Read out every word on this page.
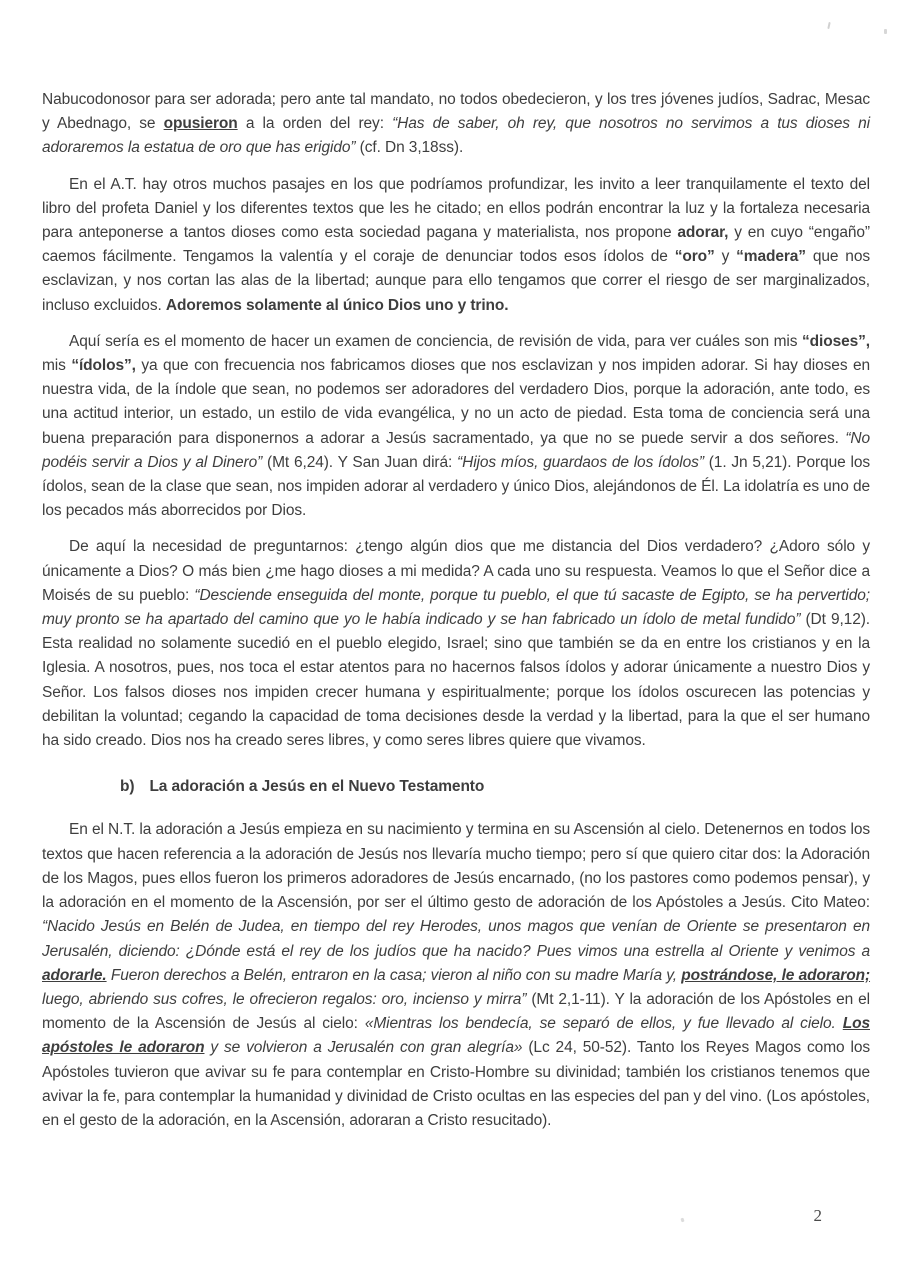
Nabucodonosor para ser adorada; pero ante tal mandato, no todos obedecieron, y los tres jóvenes judíos, Sadrac, Mesac y Abednago, se opusieron a la orden del rey: “Has de saber, oh rey, que nosotros no servimos a tus dioses ni adoraremos la estatua de oro que has erigido” (cf. Dn 3,18ss).

En el A.T. hay otros muchos pasajes en los que podríamos profundizar, les invito a leer tranquilamente el texto del libro del profeta Daniel y los diferentes textos que les he citado; en ellos podrán encontrar la luz y la fortaleza necesaria para anteponerse a tantos dioses como esta sociedad pagana y materialista, nos propone adorar, y en cuyo “engaño” caemos fácilmente. Tengamos la valentía y el coraje de denunciar todos esos ídolos de “oro” y “madera” que nos esclavizan, y nos cortan las alas de la libertad; aunque para ello tengamos que correr el riesgo de ser marginalizados, incluso excluidos. Adoremos solamente al único Dios uno y trino.

Aquí sería es el momento de hacer un examen de conciencia, de revisión de vida, para ver cuáles son mis “dioses”, mis “ídolos”, ya que con frecuencia nos fabricamos dioses que nos esclavizan y nos impiden adorar. Si hay dioses en nuestra vida, de la índole que sean, no podemos ser adoradores del verdadero Dios, porque la adoración, ante todo, es una actitud interior, un estado, un estilo de vida evangélica, y no un acto de piedad. Esta toma de conciencia será una buena preparación para disponernos a adorar a Jesús sacramentado, ya que no se puede servir a dos señores. “No podéis servir a Dios y al Dinero” (Mt 6,24). Y San Juan dirá: “Hijos míos, guardaos de los ídolos” (1. Jn 5,21). Porque los ídolos, sean de la clase que sean, nos impiden adorar al verdadero y único Dios, alejándonos de Él. La idolatría es uno de los pecados más aborrecidos por Dios.

De aquí la necesidad de preguntarnos: ¿tengo algún dios que me distancia del Dios verdadero? ¿Adoro sólo y únicamente a Dios? O más bien ¿me hago dioses a mi medida? A cada uno su respuesta. Veamos lo que el Señor dice a Moisés de su pueblo: “Desciende enseguida del monte, porque tu pueblo, el que tú sacaste de Egipto, se ha pervertido; muy pronto se ha apartado del camino que yo le había indicado y se han fabricado un ídolo de metal fundido” (Dt 9,12). Esta realidad no solamente sucedió en el pueblo elegido, Israel; sino que también se da en entre los cristianos y en la Iglesia. A nosotros, pues, nos toca el estar atentos para no hacernos falsos ídolos y adorar únicamente a nuestro Dios y Señor. Los falsos dioses nos impiden crecer humana y espiritualmente; porque los ídolos oscurecen las potencias y debilitan la voluntad; cegando la capacidad de toma decisiones desde la verdad y la libertad, para la que el ser humano ha sido creado. Dios nos ha creado seres libres, y como seres libres quiere que vivamos.

b) La adoración a Jesús en el Nuevo Testamento

En el N.T. la adoración a Jesús empieza en su nacimiento y termina en su Ascensión al cielo. Detenernos en todos los textos que hacen referencia a la adoración de Jesús nos llevaría mucho tiempo; pero sí que quiero citar dos: la Adoración de los Magos, pues ellos fueron los primeros adoradores de Jesús encarnado, (no los pastores como podemos pensar), y la adoración en el momento de la Ascensión, por ser el último gesto de adoración de los Apóstoles a Jesús. Cito Mateo: “Nacido Jesús en Belén de Judea, en tiempo del rey Herodes, unos magos que venían de Oriente se presentaron en Jerusalén, diciendo: ¿Dónde está el rey de los judíos que ha nacido? Pues vimos una estrella al Oriente y venimos a adorarle. Fueron derechos a Belén, entraron en la casa; vieron al niño con su madre María y, postrándose, le adoraron; luego, abriendo sus cofres, le ofrecieron regalos: oro, incienso y mirra” (Mt 2,1-11). Y la adoración de los Apóstoles en el momento de la Ascensión de Jesús al cielo: «Mientras los bendecía, se separó de ellos, y fue llevado al cielo. Los apóstoles le adoraron y se volvieron a Jerusalén con gran alegría» (Lc 24, 50-52). Tanto los Reyes Magos como los Apóstoles tuvieron que avivar su fe para contemplar en Cristo-Hombre su divinidad; también los cristianos tenemos que avivar la fe, para contemplar la humanidad y divinidad de Cristo ocultas en las especies del pan y del vino. (Los apóstoles, en el gesto de la adoración, en la Ascensión, adoraran a Cristo resucitado).

2
